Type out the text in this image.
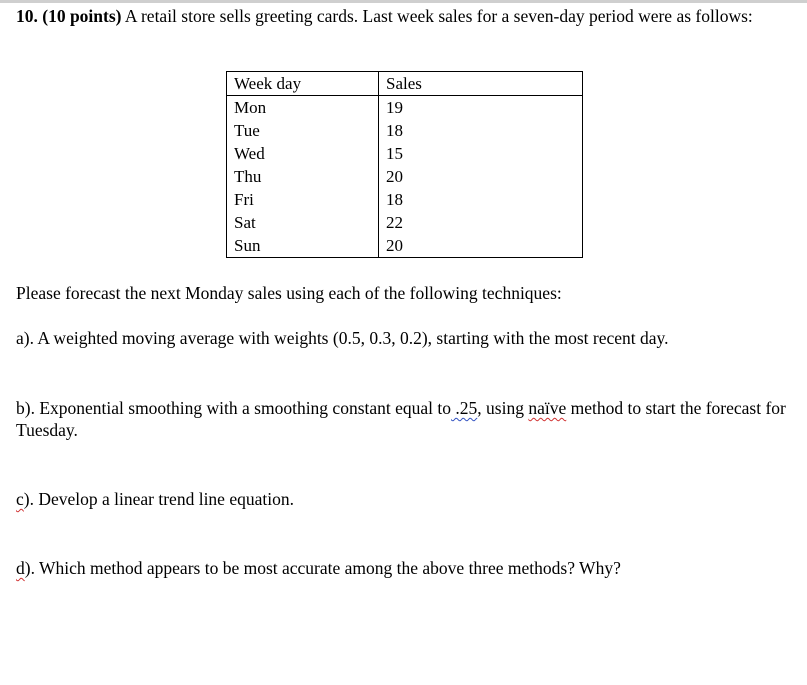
10. (10 points) A retail store sells greeting cards. Last week sales for a seven-day period were as follows:
Week day	Sales
Mon	19
Tue	18
Wed	15
Thu	20
Fri	18
Sat	22
Sun	20
Please forecast the next Monday sales using each of the following techniques:
a). A weighted moving average with weights (0.5, 0.3, 0.2), starting with the most recent day.
b). Exponential smoothing with a smoothing constant equal to .25, using naïve method to start the forecast for Tuesday.
c). Develop a linear trend line equation.
d). Which method appears to be most accurate among the above three methods? Why?
